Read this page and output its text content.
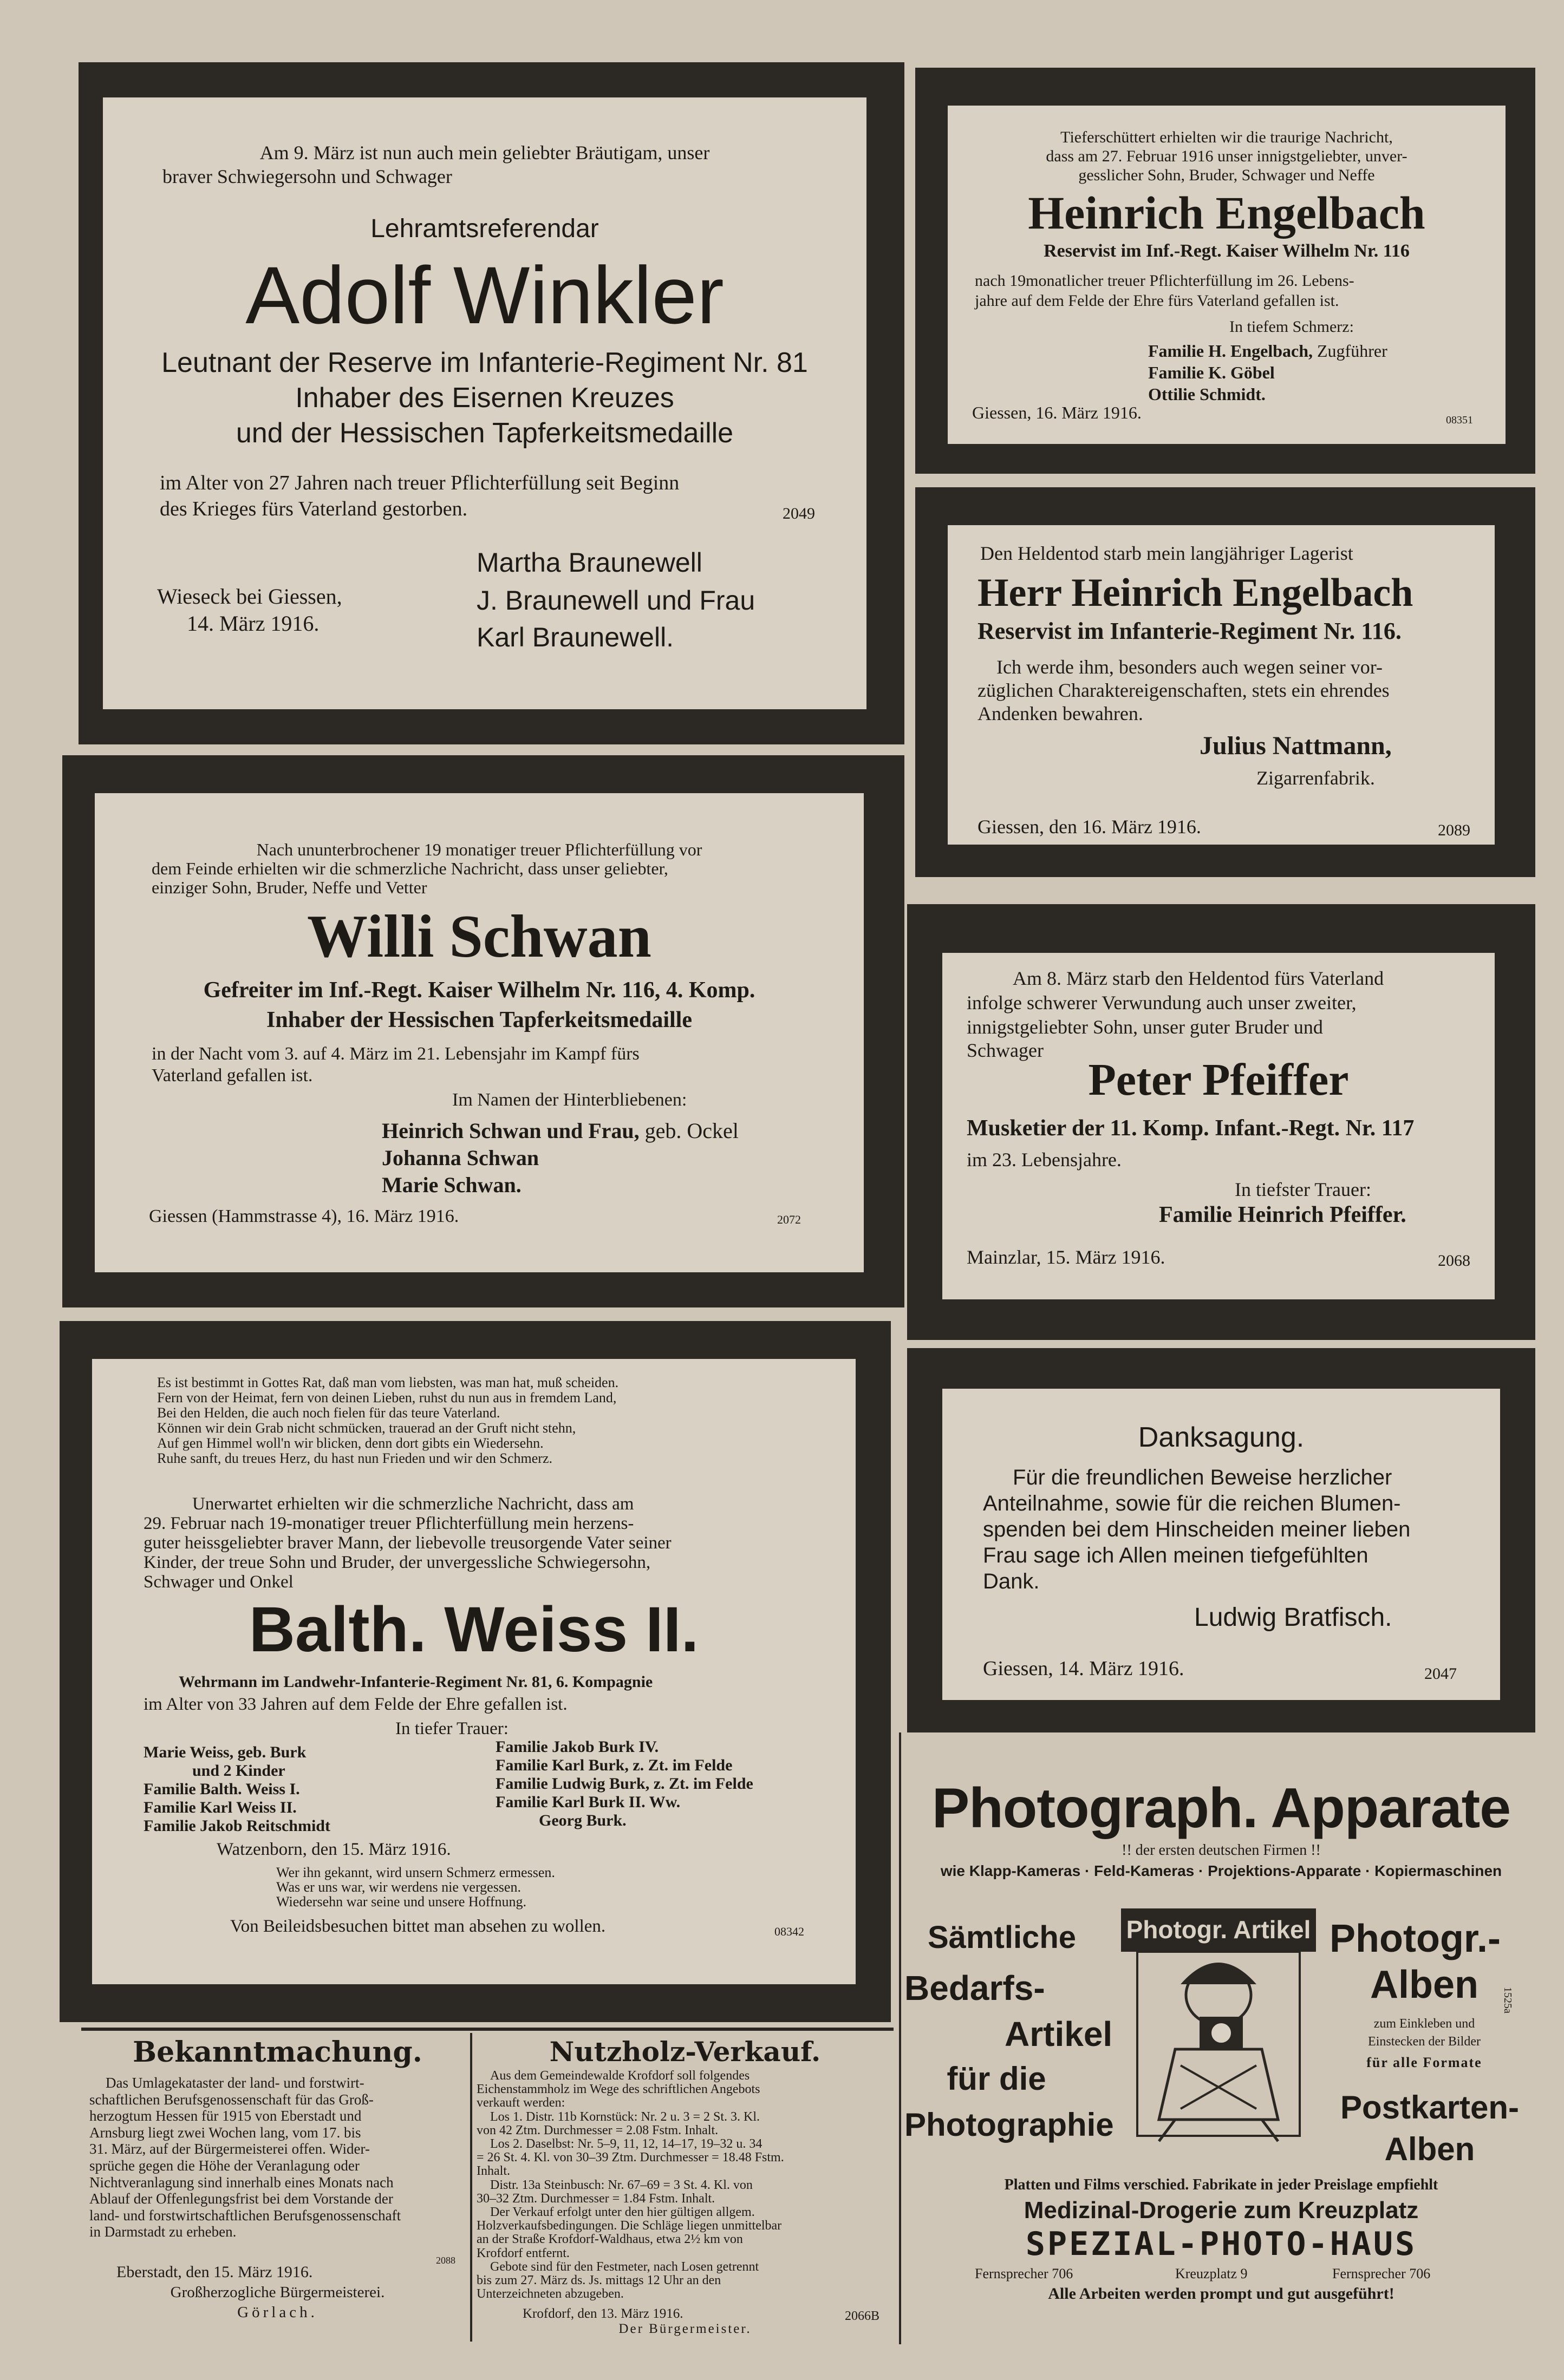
Am 9. März ist nun auch mein geliebter Bräutigam, unser
braver Schwiegersohn und Schwager
Lehramtsreferendar
Adolf Winkler
Leutnant der Reserve im Infanterie-Regiment Nr. 81
Inhaber des Eisernen Kreuzes
und der Hessischen Tapferkeitsmedaille
im Alter von 27 Jahren nach treuer Pflichterfüllung seit Beginn
des Krieges fürs Vaterland gestorben.	2049
Wieseck bei Giessen,
14. März 1916.
Martha Braunewell
J. Braunewell und Frau
Karl Braunewell.
Tieferschüttert erhielten wir die traurige Nachricht,
dass am 27. Februar 1916 unser innigstgeliebter, unver-
gesslicher Sohn, Bruder, Schwager und Neffe
Heinrich Engelbach
Reservist im Inf.-Regt. Kaiser Wilhelm Nr. 116
nach 19monatlicher treuer Pflichterfüllung im 26. Lebens-
jahre auf dem Felde der Ehre fürs Vaterland gefallen ist.
In tiefem Schmerz:
Familie H. Engelbach, Zugführer
Familie K. Göbel
Ottilie Schmidt.
Giessen, 16. März 1916.	08351
Den Heldentod starb mein langjähriger Lagerist
Herr Heinrich Engelbach
Reservist im Infanterie-Regiment Nr. 116.
Ich werde ihm, besonders auch wegen seiner vor-
züglichen Charaktereigenschaften, stets ein ehrendes
Andenken bewahren.
Julius Nattmann,
Zigarrenfabrik.
Giessen, den 16. März 1916.	2089
Nach ununterbrochener 19 monatiger treuer Pflichterfüllung vor
dem Feinde erhielten wir die schmerzliche Nachricht, dass unser geliebter,
einziger Sohn, Bruder, Neffe und Vetter
Willi Schwan
Gefreiter im Inf.-Regt. Kaiser Wilhelm Nr. 116, 4. Komp.
Inhaber der Hessischen Tapferkeitsmedaille
in der Nacht vom 3. auf 4. März im 21. Lebensjahr im Kampf fürs
Vaterland gefallen ist.
Im Namen der Hinterbliebenen:
Heinrich Schwan und Frau, geb. Ockel
Johanna Schwan
Marie Schwan.
Giessen (Hammstrasse 4), 16. März 1916.	2072
Am 8. März starb den Heldentod fürs Vaterland
infolge schwerer Verwundung auch unser zweiter,
innigstgeliebter Sohn, unser guter Bruder und
Schwager
Peter Pfeiffer
Musketier der 11. Komp. Infant.-Regt. Nr. 117
im 23. Lebensjahre.
In tiefster Trauer:
Familie Heinrich Pfeiffer.
Mainzlar, 15. März 1916.	2068
Es ist bestimmt in Gottes Rat, daß man vom liebsten, was man hat, muß scheiden.
Fern von der Heimat, fern von deinen Lieben, ruhst du nun aus in fremdem Land,
Bei den Helden, die auch noch fielen für das teure Vaterland.
Können wir dein Grab nicht schmücken, trauerad an der Gruft nicht stehn,
Auf gen Himmel woll'n wir blicken, denn dort gibts ein Wiedersehn.
Ruhe sanft, du treues Herz, du hast nun Frieden und wir den Schmerz.
Unerwartet erhielten wir die schmerzliche Nachricht, dass am
29. Februar nach 19-monatiger treuer Pflichterfüllung mein herzens-
guter heissgeliebter braver Mann, der liebevolle treusorgende Vater seiner
Kinder, der treue Sohn und Bruder, der unvergessliche Schwiegersohn,
Schwager und Onkel
Balth. Weiss II.
Wehrmann im Landwehr-Infanterie-Regiment Nr. 81, 6. Kompagnie
im Alter von 33 Jahren auf dem Felde der Ehre gefallen ist.
In tiefer Trauer:
Marie Weiss, geb. Burk
und 2 Kinder
Familie Balth. Weiss I.
Familie Karl Weiss II.
Familie Jakob Reitschmidt
Familie Jakob Burk IV.
Familie Karl Burk, z. Zt. im Felde
Familie Ludwig Burk, z. Zt. im Felde
Familie Karl Burk II. Ww.
Georg Burk.
Watzenborn, den 15. März 1916.
Wer ihn gekannt, wird unsern Schmerz ermessen.
Was er uns war, wir werdens nie vergessen.
Wiedersehn war seine und unsere Hoffnung.
Von Beileidsbesuchen bittet man absehen zu wollen.	08342
Danksagung.
Für die freundlichen Beweise herzlicher
Anteilnahme, sowie für die reichen Blumen-
spenden bei dem Hinscheiden meiner lieben
Frau sage ich Allen meinen tiefgefühlten
Dank.
Ludwig Bratfisch.
Giessen, 14. März 1916.	2047
Bekanntmachung.
Das Umlagekataster der land- und forstwirt-
schaftlichen Berufsgenossenschaft für das Groß-
herzogtum Hessen für 1915 von Eberstadt und
Arnsburg liegt zwei Wochen lang, vom 17. bis
31. März, auf der Bürgermeisterei offen. Wider-
sprüche gegen die Höhe der Veranlagung oder
Nichtveranlagung sind innerhalb eines Monats nach
Ablauf der Offenlegungsfrist bei dem Vorstande der
land- und forstwirtschaftlichen Berufsgenossenschaft
in Darmstadt zu erheben.
2088
Eberstadt, den 15. März 1916.
Großherzogliche Bürgermeisterei.
Görlach.
Nutzholz-Verkauf.
Aus dem Gemeindewalde Krofdorf soll folgendes
Eichenstammholz im Wege des schriftlichen Angebots
verkauft werden:
Los 1. Distr. 11b Kornstück: Nr. 2 u. 3 = 2 St. 3. Kl.
von 42 Ztm. Durchmesser = 2.08 Fstm. Inhalt.
Los 2. Daselbst: Nr. 5–9, 11, 12, 14–17, 19–32 u. 34
= 26 St. 4. Kl. von 30–39 Ztm. Durchmesser = 18.48 Fstm.
Inhalt.
Distr. 13a Steinbusch: Nr. 67–69 = 3 St. 4. Kl. von
30–32 Ztm. Durchmesser = 1.84 Fstm. Inhalt.
Der Verkauf erfolgt unter den hier gültigen allgem.
Holzverkaufsbedingungen. Die Schläge liegen unmittelbar
an der Straße Krofdorf-Waldhaus, etwa 2½ km von
Krofdorf entfernt.
Gebote sind für den Festmeter, nach Losen getrennt
bis zum 27. März ds. Js. mittags 12 Uhr an den
Unterzeichneten abzugeben.
Krofdorf, den 13. März 1916.
Der Bürgermeister.
2066B
Photograph. Apparate
!! der ersten deutschen Firmen !!
wie Klapp-Kameras · Feld-Kameras · Projektions-Apparate · Kopiermaschinen
Sämtliche
Bedarfs-
Artikel
für die
Photographie
Photogr. Artikel Photogr.-
Alben
zum Einkleben und
Einstecken der Bilder
für alle Formate
Postkarten-
Alben
1525a
Platten und Films verschied. Fabrikate in jeder Preislage empfiehlt
Medizinal-Drogerie zum Kreuzplatz
SPEZIAL-PHOTO-HAUS
Fernsprecher 706	Kreuzplatz 9	Fernsprecher 706
Alle Arbeiten werden prompt und gut ausgeführt!
